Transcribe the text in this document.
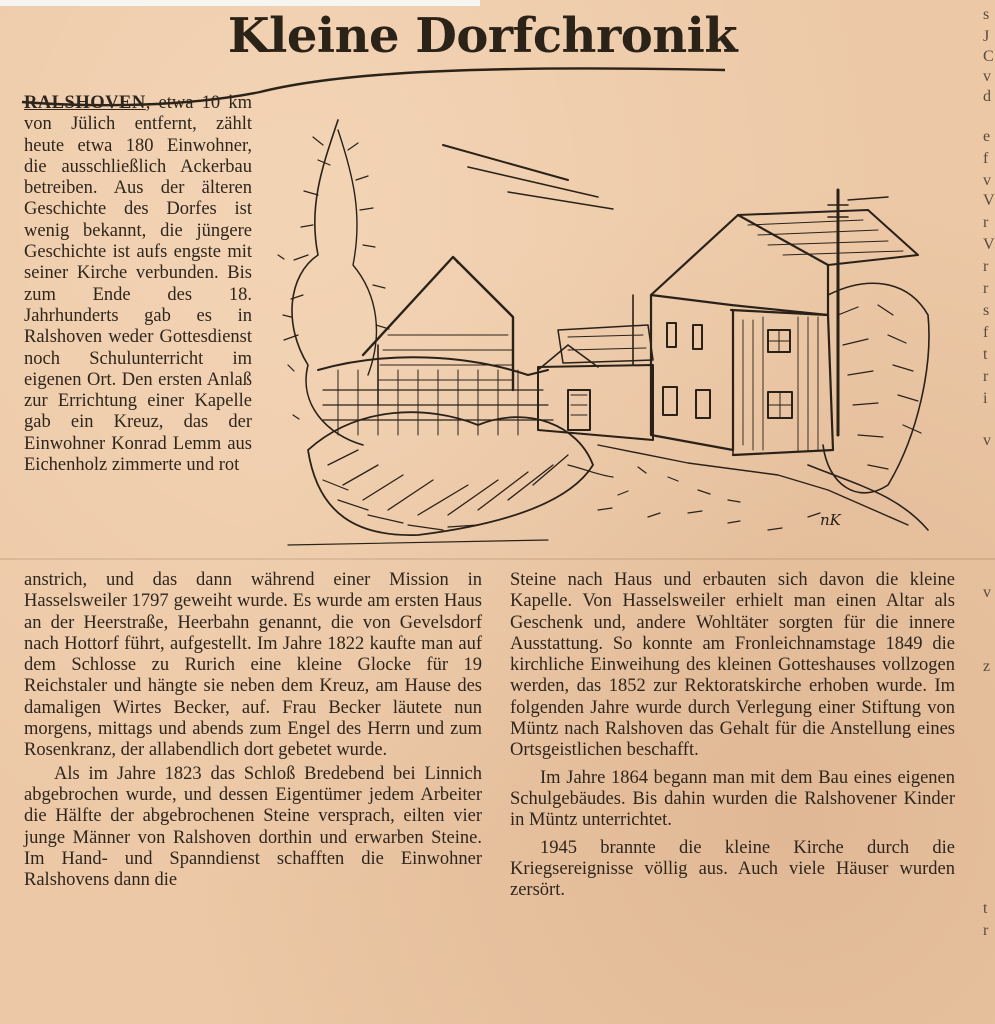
Kleine Dorfchronik

RALSHOVEN, etwa 10 km von Jülich entfernt, zählt heute etwa 180 Einwohner, die ausschließlich Ackerbau betreiben. Aus der älteren Geschichte des Dorfes ist wenig bekannt, die jüngere Geschichte ist aufs engste mit seiner Kirche verbunden. Bis zum Ende des 18. Jahrhunderts gab es in Ralshoven weder Gottesdienst noch Schulunterricht im eigenen Ort. Den ersten Anlaß zur Errichtung einer Kapelle gab ein Kreuz, das der Einwohner Konrad Lemm aus Eichenholz zimmerte und rot

nK

anstrich, und das dann während einer Mission in Hasselsweiler 1797 geweiht wurde. Es wurde am ersten Haus an der Heerstraße, Heerbahn genannt, die von Gevelsdorf nach Hottorf führt, aufgestellt. Im Jahre 1822 kaufte man auf dem Schlosse zu Rurich eine kleine Glocke für 19 Reichstaler und hängte sie neben dem Kreuz, am Hause des damaligen Wirtes Becker, auf. Frau Becker läutete nun morgens, mittags und abends zum Engel des Herrn und zum Rosenkranz, der allabendlich dort gebetet wurde.

Als im Jahre 1823 das Schloß Bredebend bei Linnich abgebrochen wurde, und dessen Eigentümer jedem Arbeiter die Hälfte der abgebrochenen Steine versprach, eilten vier junge Männer von Ralshoven dorthin und erwarben Steine. Im Hand- und Spanndienst schafften die Einwohner Ralshovens dann die

Steine nach Haus und erbauten sich davon die kleine Kapelle. Von Hasselsweiler erhielt man einen Altar als Geschenk und, andere Wohltäter sorgten für die innere Ausstattung. So konnte am Fronleichnamstage 1849 die kirchliche Einweihung des kleinen Gotteshauses vollzogen werden, das 1852 zur Rektoratskirche erhoben wurde. Im folgenden Jahre wurde durch Verlegung einer Stiftung von Müntz nach Ralshoven das Gehalt für die Anstellung eines Ortsgeistlichen beschafft.

Im Jahre 1864 begann man mit dem Bau eines eigenen Schulgebäudes. Bis dahin wurden die Ralshovener Kinder in Müntz unterrichtet.

1945 brannte die kleine Kirche durch die Kriegsereignisse völlig aus. Auch viele Häuser wurden zersört.

s
J
C
v
d
e
f
v
V
r
V
r
r
s
f
t
r
i
v
v
z
t
r
